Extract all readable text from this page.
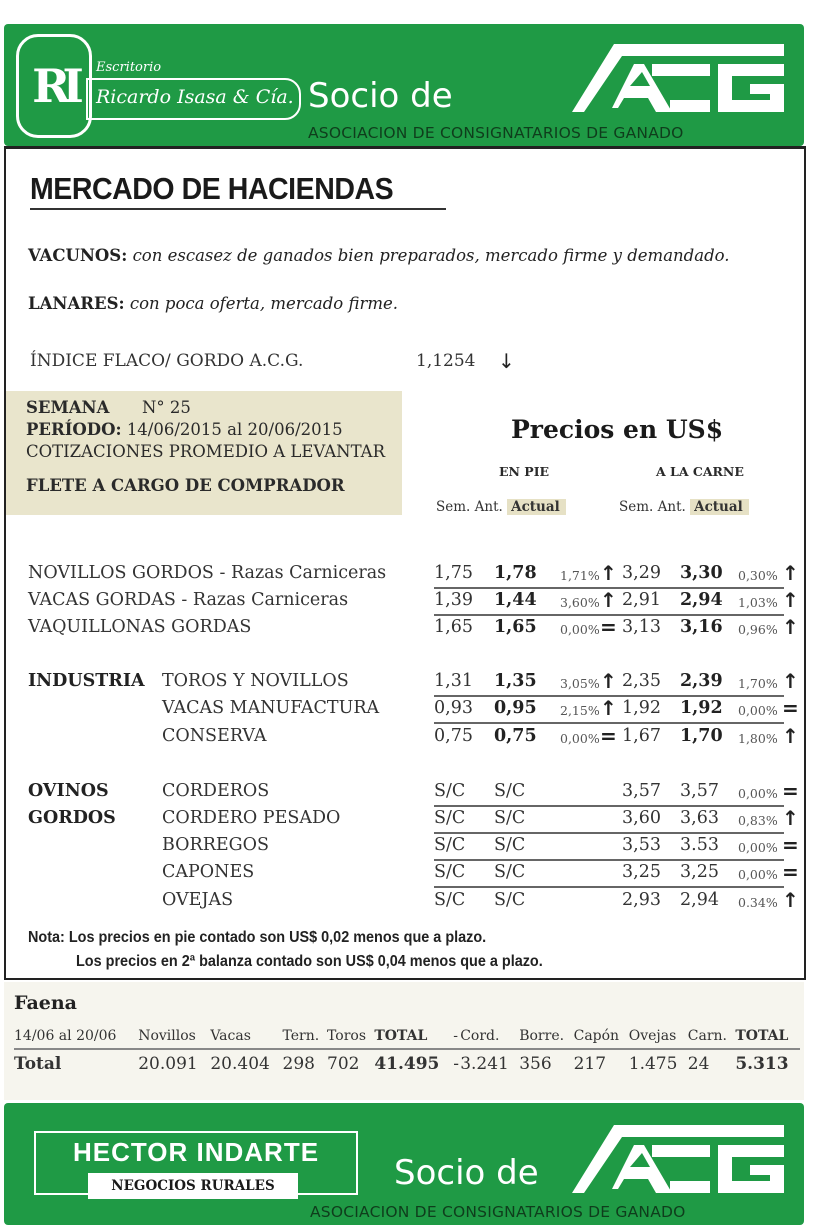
RI	Escritorio
Ricardo Isasa & Cía. Socio de
ASOCIACION DE CONSIGNATARIOS DE GANADO
MERCADO DE HACIENDAS
VACUNOS: con escasez de ganados bien preparados, mercado firme y demandado.
LANARES: con poca oferta, mercado firme.
ÍNDICE FLACO/ GORDO A.C.G.	1,1254 ↓
SEMANA N° 25
PERÍODO: 14/06/2015 al 20/06/2015
COTIZACIONES PROMEDIO A LEVANTAR
FLETE A CARGO DE COMPRADOR
Precios en US$
EN PIE	A LA CARNE
Sem. Ant. Actual	Sem. Ant. Actual
NOVILLOS GORDOS - Razas Carniceras	1,75 1,78 1,71% ↑ 3,29 3,30 0,30% ↑
VACAS GORDAS - Razas Carniceras	1,39 1,44 3,60% ↑ 2,91 2,94 1,03% ↑
VAQUILLONAS GORDAS	1,65 1,65 0,00% = 3,13 3,16 0,96% ↑
INDUSTRIA TOROS Y NOVILLOS	1,31 1,35 3,05% ↑ 2,35 2,39 1,70% ↑
VACAS MANUFACTURA	0,93 0,95 2,15% ↑ 1,92 1,92 0,00% =
CONSERVA	0,75 0,75 0,00% = 1,67 1,70 1,80% ↑
OVINOS	CORDEROS	S/C S/C	3,57 3,57 0,00% =
GORDOS	CORDERO PESADO	S/C S/C	3,60 3,63 0,83% ↑
BORREGOS	S/C S/C	3,53 3.53 0,00% =
CAPONES	S/C S/C	3,25 3,25 0,00% =
OVEJAS	S/C S/C	2,93 2,94 0.34% ↑
Nota: Los precios en pie contado son US$ 0,02 menos que a plazo.
Los precios en 2ª balanza contado son US$ 0,04 menos que a plazo.
Faena
14/06 al 20/06	Novillos	Vacas	Tern.	Toros	TOTAL	-	Cord.	Borre.	Capón	Ovejas	Carn.	TOTAL
Total	20.091	20.404	298	702	41.495	-	3.241	356	217	1.475	24	5.313
HECTOR INDARTE
NEGOCIOS RURALES	Socio de
ASOCIACION DE CONSIGNATARIOS DE GANADO
